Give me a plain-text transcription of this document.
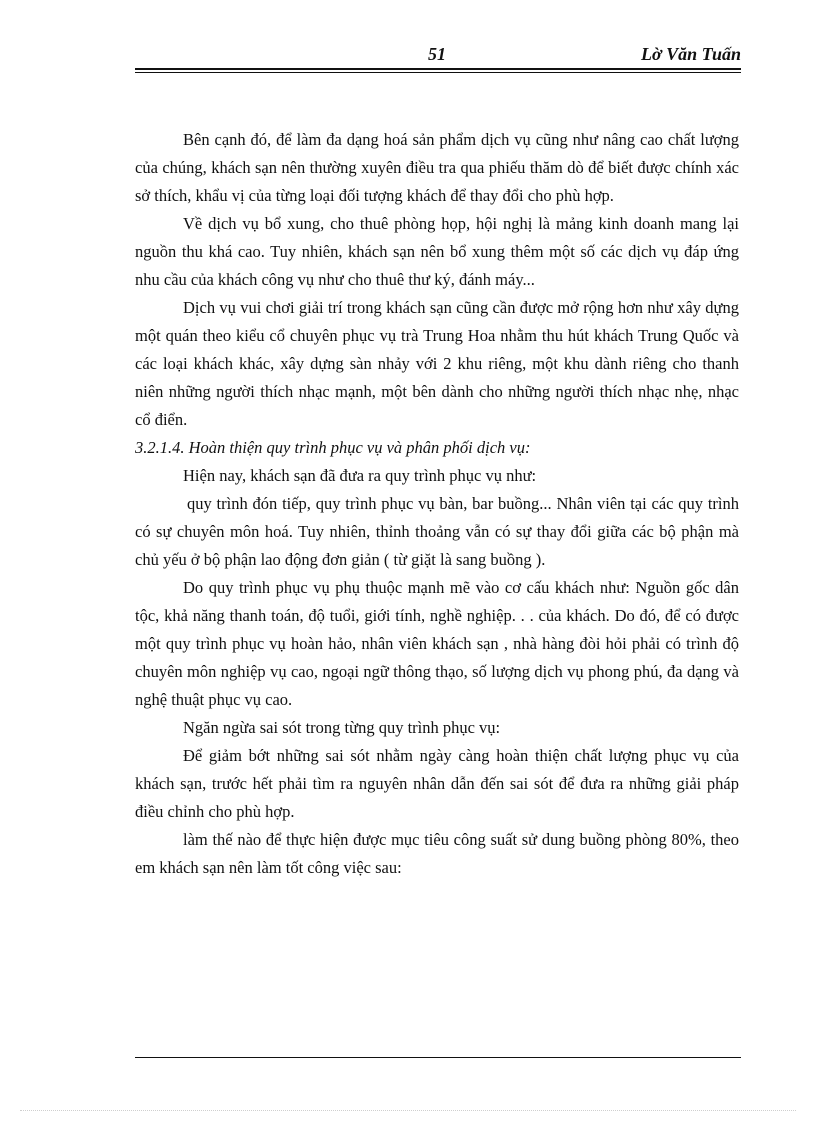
51	Lờ Văn Tuấn

Bên cạnh đó, để làm đa dạng hoá sản phẩm dịch vụ cũng như nâng cao chất lượng của chúng, khách sạn nên thường xuyên điều tra qua phiếu thăm dò để biết được chính xác sở thích, khẩu vị của từng loại đối tượng khách để thay đổi cho phù hợp.

Về dịch vụ bổ xung, cho thuê phòng họp, hội nghị là mảng kinh doanh mang lại nguồn thu khá cao. Tuy nhiên, khách sạn nên bổ xung thêm một số các dịch vụ đáp ứng nhu cầu của khách công vụ như cho thuê thư ký, đánh máy...

Dịch vụ vui chơi giải trí trong khách sạn cũng cần được mở rộng hơn như xây dựng một quán theo kiểu cổ chuyên phục vụ trà Trung Hoa nhằm thu hút khách Trung Quốc và các loại khách khác, xây dựng sàn nhảy với 2 khu riêng, một khu dành riêng cho thanh niên những người thích nhạc mạnh, một bên dành cho những người thích nhạc nhẹ, nhạc cổ điển.

3.2.1.4. Hoàn thiện quy trình phục vụ và phân phối dịch vụ:

Hiện nay, khách sạn đã đưa ra quy trình phục vụ như:

quy trình đón tiếp, quy trình phục vụ bàn, bar buồng... Nhân viên tại các quy trình có sự chuyên môn hoá. Tuy nhiên, thỉnh thoảng vẫn có sự thay đổi giữa các bộ phận mà chủ yếu ở bộ phận lao động đơn giản ( từ giặt là sang buồng ).

Do quy trình phục vụ phụ thuộc mạnh mẽ vào cơ cấu khách như: Nguồn gốc dân tộc, khả năng thanh toán, độ tuổi, giới tính, nghề nghiệp. . . của khách. Do đó, để có được một quy trình phục vụ hoàn hảo, nhân viên khách sạn , nhà hàng đòi hỏi phải có trình độ chuyên môn nghiệp vụ cao, ngoại ngữ thông thạo, số lượng dịch vụ phong phú, đa dạng và nghệ thuật phục vụ cao.

Ngăn ngừa sai sót trong từng quy trình phục vụ:

Để giảm bớt những sai sót nhằm ngày càng hoàn thiện chất lượng phục vụ của khách sạn, trước hết phải tìm ra nguyên nhân dẫn đến sai sót để đưa ra những giải pháp điều chỉnh cho phù hợp.

làm thế nào để thực hiện được mục tiêu công suất sử dung buồng phòng 80%, theo em khách sạn nên làm tốt công việc sau:
